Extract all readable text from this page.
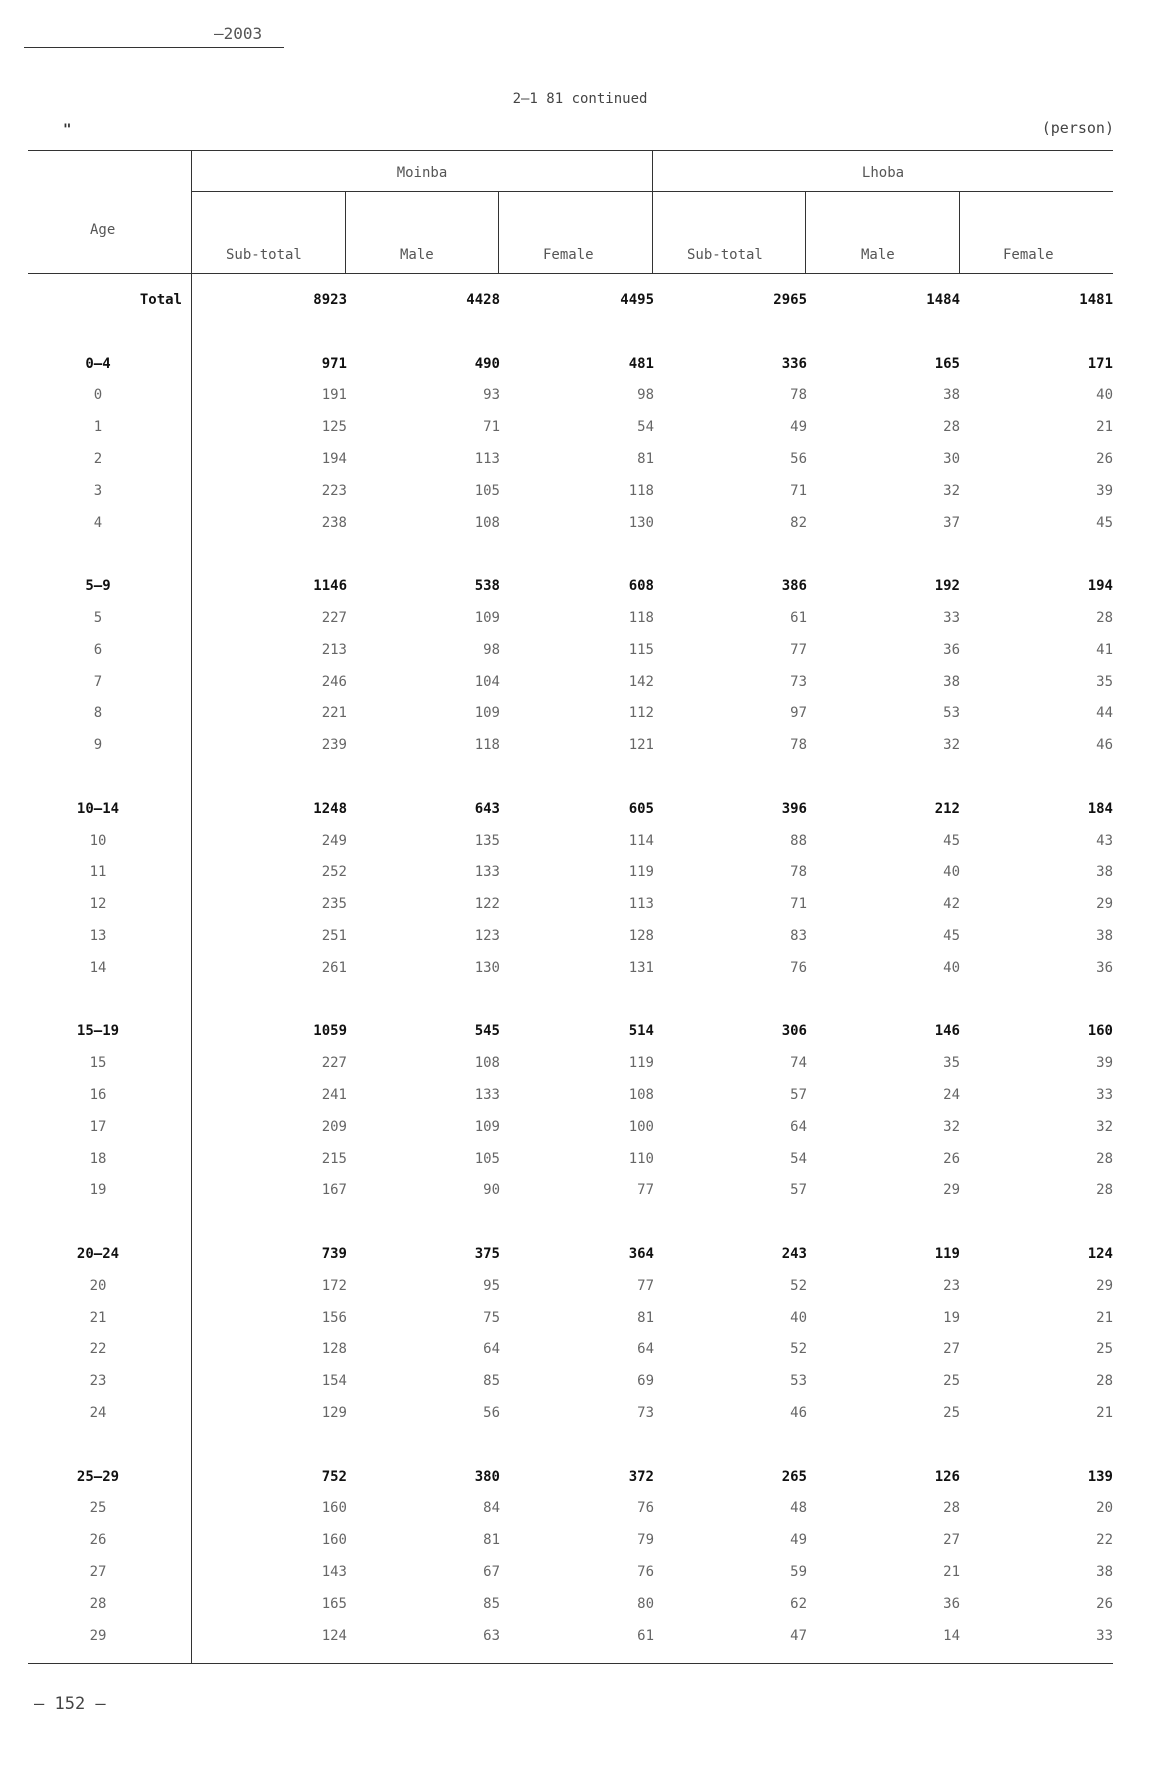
—2003
2—1 81 continued
"	(person)
Age
Moinba	Lhoba
Sub-total	Male	Female	Sub-total	Male	Female
Total	8923	4428	4495	2965	1484	1481
0—4	971	490	481	336	165	171
0	191	93	98	78	38	40
1	125	71	54	49	28	21
2	194	113	81	56	30	26
3	223	105	118	71	32	39
4	238	108	130	82	37	45
5—9	1146	538	608	386	192	194
5	227	109	118	61	33	28
6	213	98	115	77	36	41
7	246	104	142	73	38	35
8	221	109	112	97	53	44
9	239	118	121	78	32	46
10—14	1248	643	605	396	212	184
10	249	135	114	88	45	43
11	252	133	119	78	40	38
12	235	122	113	71	42	29
13	251	123	128	83	45	38
14	261	130	131	76	40	36
15—19	1059	545	514	306	146	160
15	227	108	119	74	35	39
16	241	133	108	57	24	33
17	209	109	100	64	32	32
18	215	105	110	54	26	28
19	167	90	77	57	29	28
20—24	739	375	364	243	119	124
20	172	95	77	52	23	29
21	156	75	81	40	19	21
22	128	64	64	52	27	25
23	154	85	69	53	25	28
24	129	56	73	46	25	21
25—29	752	380	372	265	126	139
25	160	84	76	48	28	20
26	160	81	79	49	27	22
27	143	67	76	59	21	38
28	165	85	80	62	36	26
29	124	63	61	47	14	33
— 152 —
